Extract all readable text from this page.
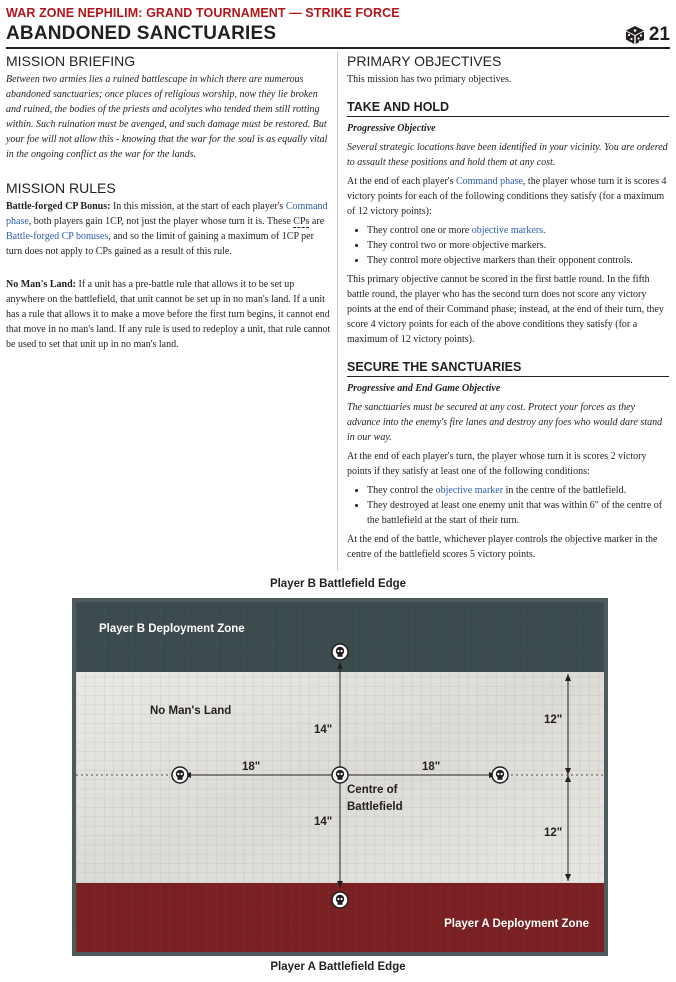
WAR ZONE NEPHILIM: GRAND TOURNAMENT — STRIKE FORCE
ABANDONED SANCTUARIES	21
MISSION BRIEFING

Between two armies lies a ruined battlescape in which there are numerous abandoned sanctuaries; once places of religious worship, now they lie broken and ruined, the bodies of the priests and acolytes who tended them still rotting within. Such ruination must be avenged, and such damage must be restored. But your foe will not allow this - knowing that the war for the soul is as equally vital in the ongoing conflict as the war for the lands.

MISSION RULES

Battle-forged CP Bonus: In this mission, at the start of each player's Command phase, both players gain 1CP, not just the player whose turn it is. These CPs are Battle-forged CP bonuses, and so the limit of gaining a maximum of 1CP per turn does not apply to CPs gained as a result of this rule.

No Man's Land: If a unit has a pre-battle rule that allows it to be set up anywhere on the battlefield, that unit cannot be set up in no man's land. If a unit has a rule that allows it to make a move before the first turn begins, it cannot end that move in no man's land. If any rule is used to redeploy a unit, that rule cannot be used to set that unit up in no man's land.

PRIMARY OBJECTIVES

This mission has two primary objectives.

TAKE AND HOLD

Progressive Objective

Several strategic locations have been identified in your vicinity. You are ordered to assault these positions and hold them at any cost.

At the end of each player's Command phase, the player whose turn it is scores 4 victory points for each of the following conditions they satisfy (for a maximum of 12 victory points):

• They control one or more objective markers.
• They control two or more objective markers.
• They control more objective markers than their opponent controls.

This primary objective cannot be scored in the first battle round. In the fifth battle round, the player who has the second turn does not score any victory points at the end of their Command phase; instead, at the end of their turn, they score 4 victory points for each of the above conditions they satisfy (for a maximum of 12 victory points).

SECURE THE SANCTUARIES

Progressive and End Game Objective

The sanctuaries must be secured at any cost. Protect your forces as they advance into the enemy's fire lanes and destroy any foes who would dare stand in our way.

At the end of each player's turn, the player whose turn it is scores 2 victory points if they satisfy at least one of the following conditions:

• They control the objective marker in the centre of the battlefield.
• They destroyed at least one enemy unit that was within 6" of the centre of the battlefield at the start of their turn.

At the end of the battle, whichever player controls the objective marker in the centre of the battlefield scores 5 victory points.

Player B Battlefield Edge
Player A Battlefield Edge
Player B Deployment Zone
Player A Deployment Zone
No Man's Land
14"
14"
18"	18"
12"
12"
Centre of Battlefield
